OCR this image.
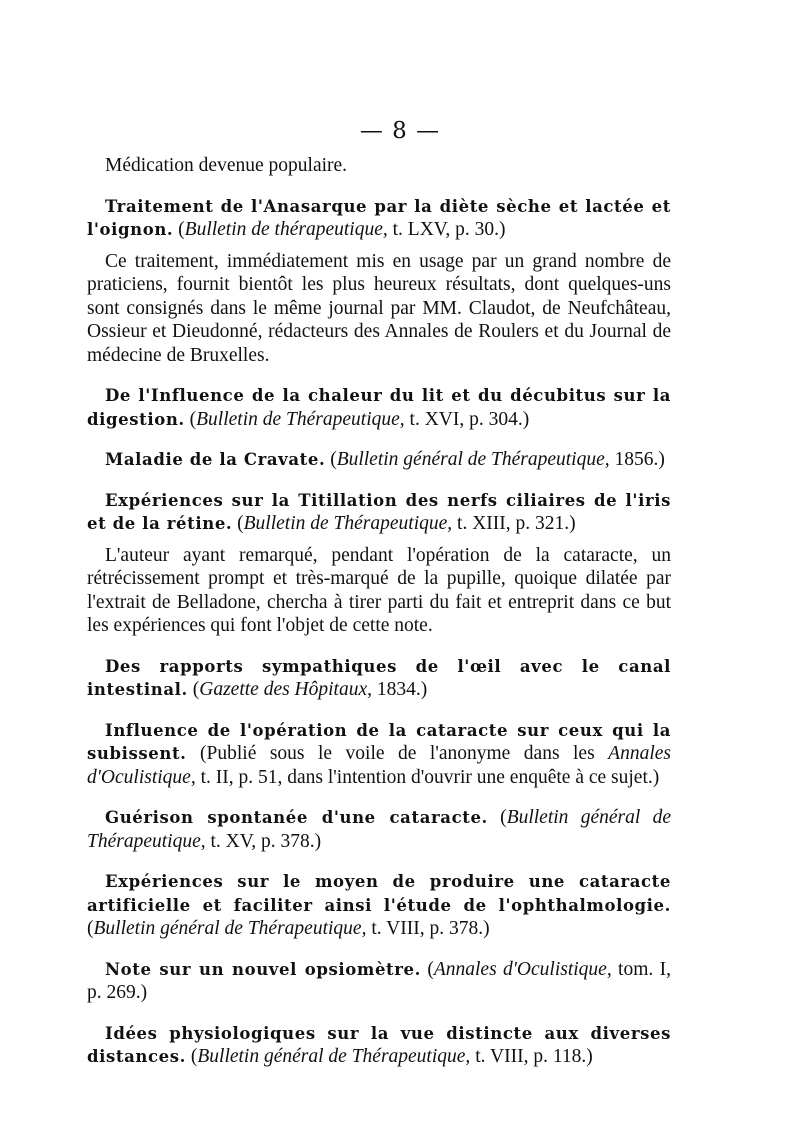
— 8 —

Médication devenue populaire.

Traitement de l'Anasarque par la diète sèche et lactée et l'oignon. (Bulletin de thérapeutique, t. LXV, p. 30.)

Ce traitement, immédiatement mis en usage par un grand nombre de praticiens, fournit bientôt les plus heureux résultats, dont quelques-uns sont consignés dans le même journal par MM. Claudot, de Neufchâteau, Ossieur et Dieudonné, rédacteurs des Annales de Roulers et du Journal de médecine de Bruxelles.

De l'Influence de la chaleur du lit et du décubitus sur la digestion. (Bulletin de Thérapeutique, t. XVI, p. 304.)

Maladie de la Cravate. (Bulletin général de Thérapeutique, 1856.)

Expériences sur la Titillation des nerfs ciliaires de l'iris et de la rétine. (Bulletin de Thérapeutique, t. XIII, p. 321.)

L'auteur ayant remarqué, pendant l'opération de la cataracte, un rétrécissement prompt et très-marqué de la pupille, quoique dilatée par l'extrait de Belladone, chercha à tirer parti du fait et entreprit dans ce but les expériences qui font l'objet de cette note.

Des rapports sympathiques de l'œil avec le canal intestinal. (Gazette des Hôpitaux, 1834.)

Influence de l'opération de la cataracte sur ceux qui la subissent. (Publié sous le voile de l'anonyme dans les Annales d'Oculistique, t. II, p. 51, dans l'intention d'ouvrir une enquête à ce sujet.)

Guérison spontanée d'une cataracte. (Bulletin général de Thérapeutique, t. XV, p. 378.)

Expériences sur le moyen de produire une cataracte artificielle et faciliter ainsi l'étude de l'ophthalmologie. (Bulletin général de Thérapeutique, t. VIII, p. 378.)

Note sur un nouvel opsiomètre. (Annales d'Oculistique, tom. I, p. 269.)

Idées physiologiques sur la vue distincte aux diverses distances. (Bulletin général de Thérapeutique, t. VIII, p. 118.)
